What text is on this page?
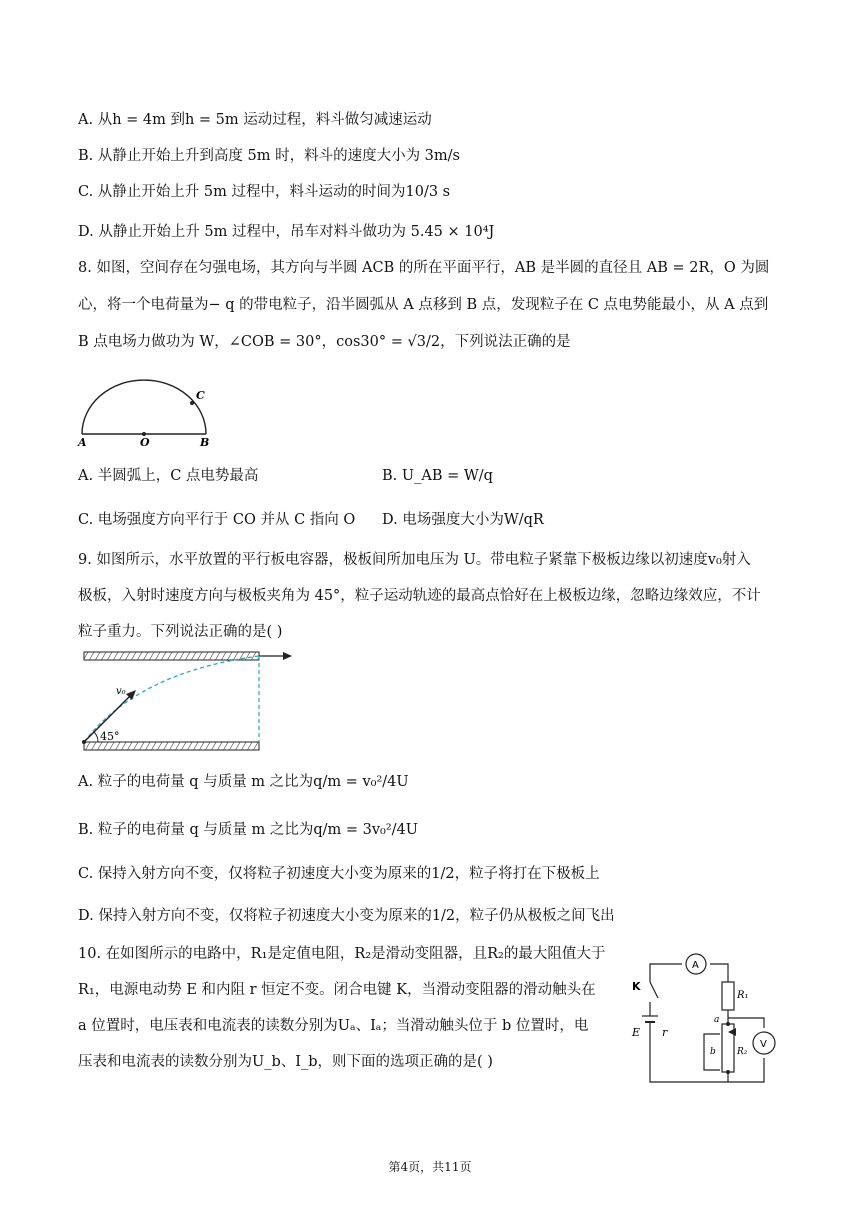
A. 从h = 4m 到h = 5m 运动过程，料斗做匀减速运动
B. 从静止开始上升到高度 5m 时，料斗的速度大小为 3m/s
C. 从静止开始上升 5m 过程中，料斗运动的时间为10/3 s
D. 从静止开始上升 5m 过程中，吊车对料斗做功为 5.45 × 10⁴J
8. 如图，空间存在匀强电场，其方向与半圆 ACB 的所在平面平行，AB 是半圆的直径且 AB = 2R，O 为圆
心，将一个电荷量为− q 的带电粒子，沿半圆弧从 A 点移到 B 点，发现粒子在 C 点电势能最小，从 A 点到
B 点电场力做功为 W，∠COB = 30°，cos30° = √3/2，下列说法正确的是
A	O	B
C
A. 半圆弧上，C 点电势最高	B. U_AB = W/q
C. 电场强度方向平行于 CO 并从 C 指向 O D. 电场强度大小为W/qR
9. 如图所示，水平放置的平行板电容器，极板间所加电压为 U。带电粒子紧靠下极板边缘以初速度v₀射入
极板，入射时速度方向与极板夹角为 45°，粒子运动轨迹的最高点恰好在上极板边缘，忽略边缘效应，不计
粒子重力。下列说法正确的是( )
v₀
45°
A. 粒子的电荷量 q 与质量 m 之比为q/m = v₀²/4U
B. 粒子的电荷量 q 与质量 m 之比为q/m = 3v₀²/4U
C. 保持入射方向不变，仅将粒子初速度大小变为原来的1/2，粒子将打在下极板上
D. 保持入射方向不变，仅将粒子初速度大小变为原来的1/2，粒子仍从极板之间飞出
10. 在如图所示的电路中，R₁是定值电阻，R₂是滑动变阻器，且R₂的最大阻值大于
R₁，电源电动势 E 和内阻 r 恒定不变。闭合电键 K，当滑动变阻器的滑动触头在
a 位置时，电压表和电流表的读数分别为Uₐ、Iₐ；当滑动触头位于 b 位置时，电
压表和电流表的读数分别为U_b、I_b，则下面的选项正确的是( )
A
R₁
K
E r
a
b R₂
V
第4页，共11页
